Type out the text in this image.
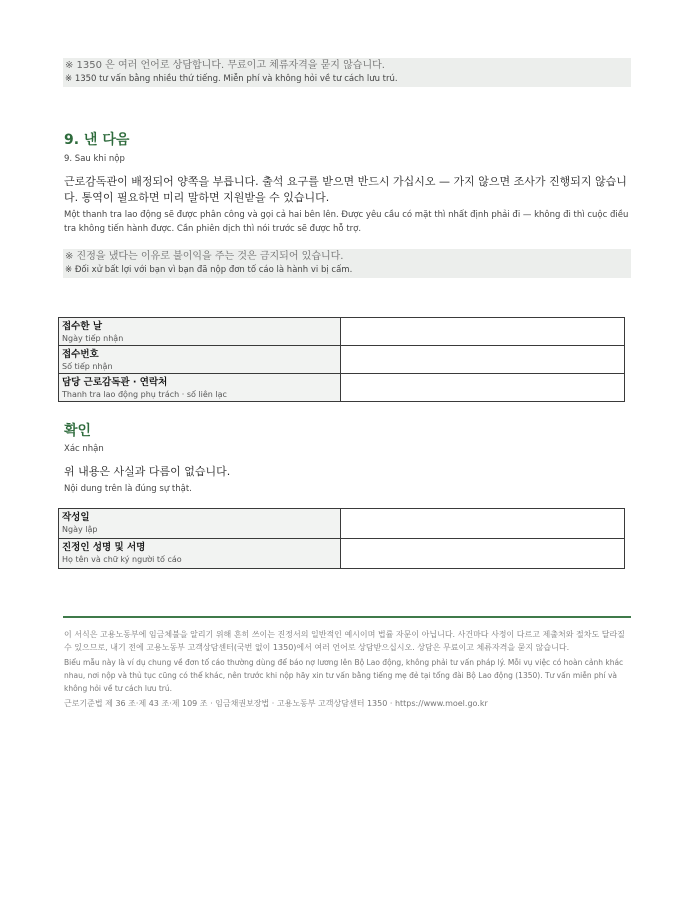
※ 1350 은 여러 언어로 상담합니다. 무료이고 체류자격을 묻지 않습니다.
※ 1350 tư vấn bằng nhiều thứ tiếng. Miễn phí và không hỏi về tư cách lưu trú.
9. 낸 다음
9. Sau khi nộp
근로감독관이 배정되어 양쪽을 부릅니다. 출석 요구를 받으면 반드시 가십시오 — 가지 않으면 조사가 진행되지 않습니다. 통역이 필요하면 미리 말하면 지원받을 수 있습니다.
Một thanh tra lao động sẽ được phân công và gọi cả hai bên lên. Được yêu cầu có mặt thì nhất định phải đi — không đi thì cuộc điều tra không tiến hành được. Cần phiên dịch thì nói trước sẽ được hỗ trợ.
※ 진정을 냈다는 이유로 불이익을 주는 것은 금지되어 있습니다.
※ Đối xử bất lợi với bạn vì bạn đã nộp đơn tố cáo là hành vi bị cấm.
접수한 날
Ngày tiếp nhận	

접수번호
Số tiếp nhận	

담당 근로감독관 · 연락처
Thanh tra lao động phụ trách · số liên lạc	

확인
Xác nhận
위 내용은 사실과 다름이 없습니다.
Nội dung trên là đúng sự thật.
작성일
Ngày lập	

진정인 성명 및 서명
Họ tên và chữ ký người tố cáo	

이 서식은 고용노동부에 임금체불을 알리기 위해 흔히 쓰이는 진정서의 일반적인 예시이며 법률 자문이 아닙니다. 사건마다 사정이 다르고 제출처와 절차도 달라질 수 있으므로, 내기 전에 고용노동부 고객상담센터(국번 없이 1350)에서 여러 언어로 상담받으십시오. 상담은 무료이고 체류자격을 묻지 않습니다.
Biểu mẫu này là ví dụ chung về đơn tố cáo thường dùng để báo nợ lương lên Bộ Lao động, không phải tư vấn pháp lý. Mỗi vụ việc có hoàn cảnh khác nhau, nơi nộp và thủ tục cũng có thể khác, nên trước khi nộp hãy xin tư vấn bằng tiếng mẹ đẻ tại tổng đài Bộ Lao động (1350). Tư vấn miễn phí và không hỏi về tư cách lưu trú.
근로기준법 제 36 조·제 43 조·제 109 조 · 임금채권보장법 · 고용노동부 고객상담센터 1350 · https://www.moel.go.kr
